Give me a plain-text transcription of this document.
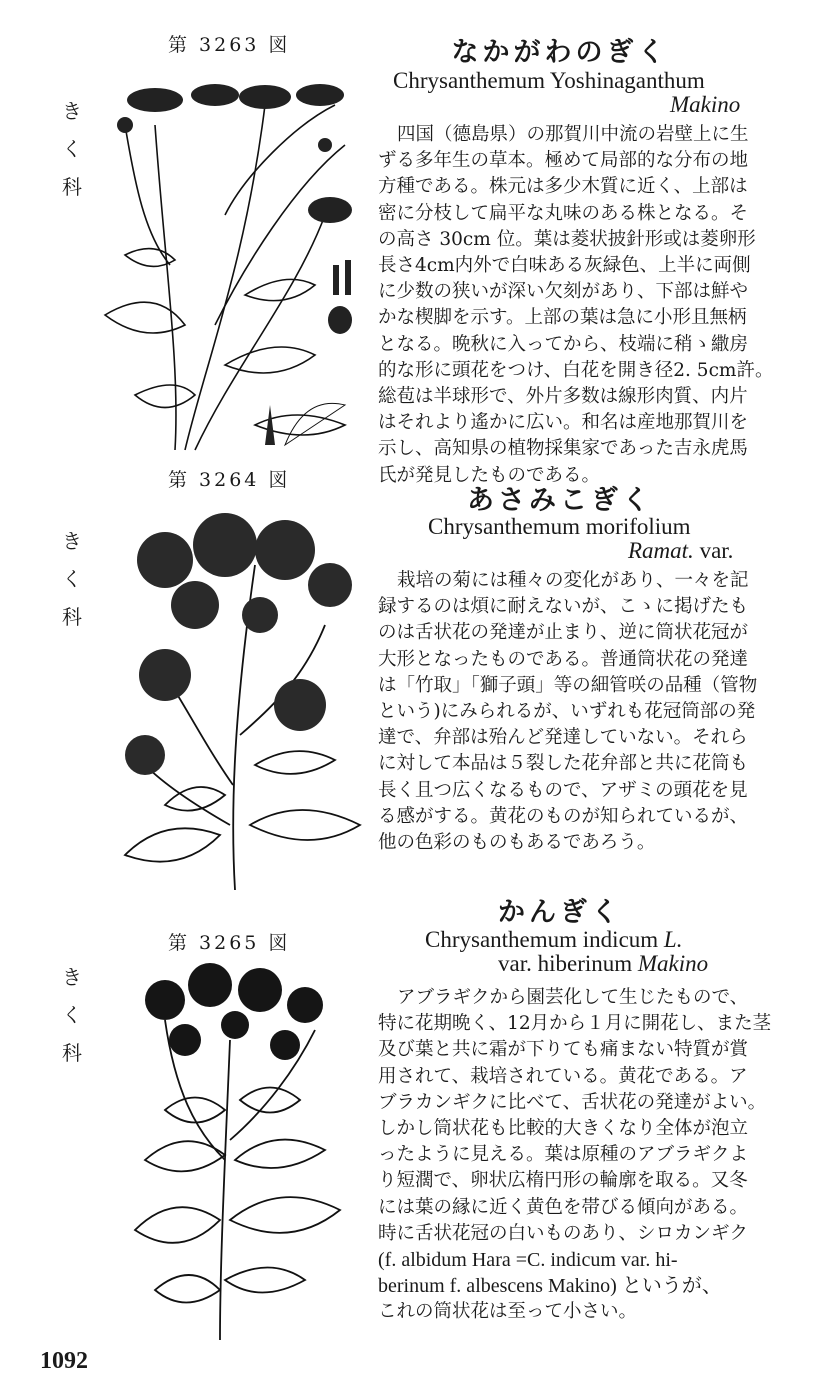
第 3263 図
き
く
科
なかがわのぎく
Chrysanthemum Yoshinaganthum
Makino
四国（德島県）の那賀川中流の岩壁上に生
ずる多年生の草本。極めて局部的な分布の地
方種である。株元は多少木質に近く、上部は
密に分枝して扁平な丸味のある株となる。そ
の高さ 30cm 位。葉は菱状披針形或は菱卵形
長さ4cm内外で白味ある灰緑色、上半に両側
に少数の狭いが深い欠刻があり、下部は鮮や
かな楔脚を示す。上部の葉は急に小形且無柄
となる。晩秋に入ってから、枝端に稍ゝ繖房
的な形に頭花をつけ、白花を開き径2. 5cm許。
総苞は半球形で、外片多数は線形肉質、内片
はそれより遙かに広い。和名は産地那賀川を
示し、高知県の植物採集家であった吉永虎馬
氏が発見したものである。
第 3264 図
き
く
科
あさみこぎく
Chrysanthemum morifolium
Ramat. var.
栽培の菊には種々の変化があり、一々を記
録するのは煩に耐えないが、こゝに掲げたも
のは舌状花の発達が止まり、逆に筒状花冠が
大形となったものである。普通筒状花の発達
は「竹取」「獅子頭」等の細管咲の品種（管物
という)にみられるが、いずれも花冠筒部の発
達で、弁部は殆んど発達していない。それら
に対して本品は５裂した花弁部と共に花筒も
長く且つ広くなるもので、アザミの頭花を見
る感がする。黄花のものが知られているが、
他の色彩のものもあるであろう。
第 3265 図
き
く
科
かんぎく
Chrysanthemum indicum L.
var. hiberinum Makino
アブラギクから園芸化して生じたもので、
特に花期晩く、12月から１月に開花し、また茎
及び葉と共に霜が下りても痛まない特質が賞
用されて、栽培されている。黄花である。ア
ブラカンギクに比べて、舌状花の発達がよい。
しかし筒状花も比較的大きくなり全体が泡立
ったように見える。葉は原種のアブラギクよ
り短濶で、卵状広楕円形の輪廓を取る。又冬
には葉の縁に近く黄色を帯びる傾向がある。
時に舌状花冠の白いものあり、シロカンギク
(f. albidum Hara =C. indicum var. hi-
berinum f. albescens Makino) というが、
これの筒状花は至って小さい。
1092
